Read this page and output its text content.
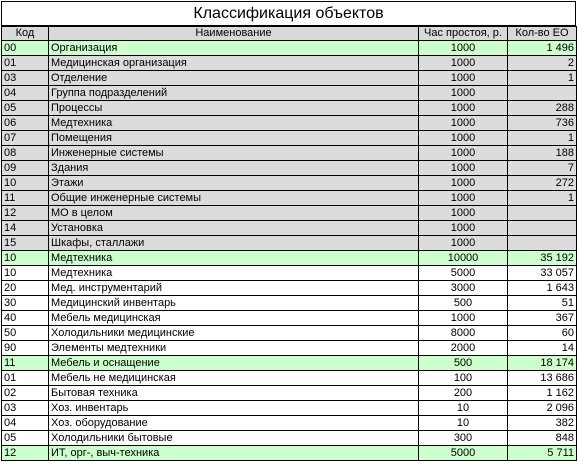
Классификация объектов
Код	Наименование	Час простоя, р.	Кол-во ЕО
00	Организация	1000	1 496
01	Медицинская организация	1000	2
03	Отделение	1000	1
04	Группа подразделений	1000	
05	Процессы	1000	288
06	Медтехника	1000	736
07	Помещения	1000	1
08	Инженерные системы	1000	188
09	Здания	1000	7
10	Этажи	1000	272
11	Общие инженерные системы	1000	1
12	МО в целом	1000	
14	Установка	1000	
15	Шкафы, сталлажи	1000	
10	Медтехника	10000	35 192
10	Медтехника	5000	33 057
20	Мед. инструментарий	3000	1 643
30	Медицинский инвентарь	500	51
40	Мебель медицинская	1000	367
50	Холодильники медицинские	8000	60
90	Элементы медтехники	2000	14
11	Мебель и оснащение	500	18 174
01	Мебель не медицинская	100	13 686
02	Бытовая техника	200	1 162
03	Хоз. инвентарь	10	2 096
04	Хоз. оборудование	10	382
05	Холодильники бытовые	300	848
12	ИТ, орг-, выч-техника	5000	5 711
